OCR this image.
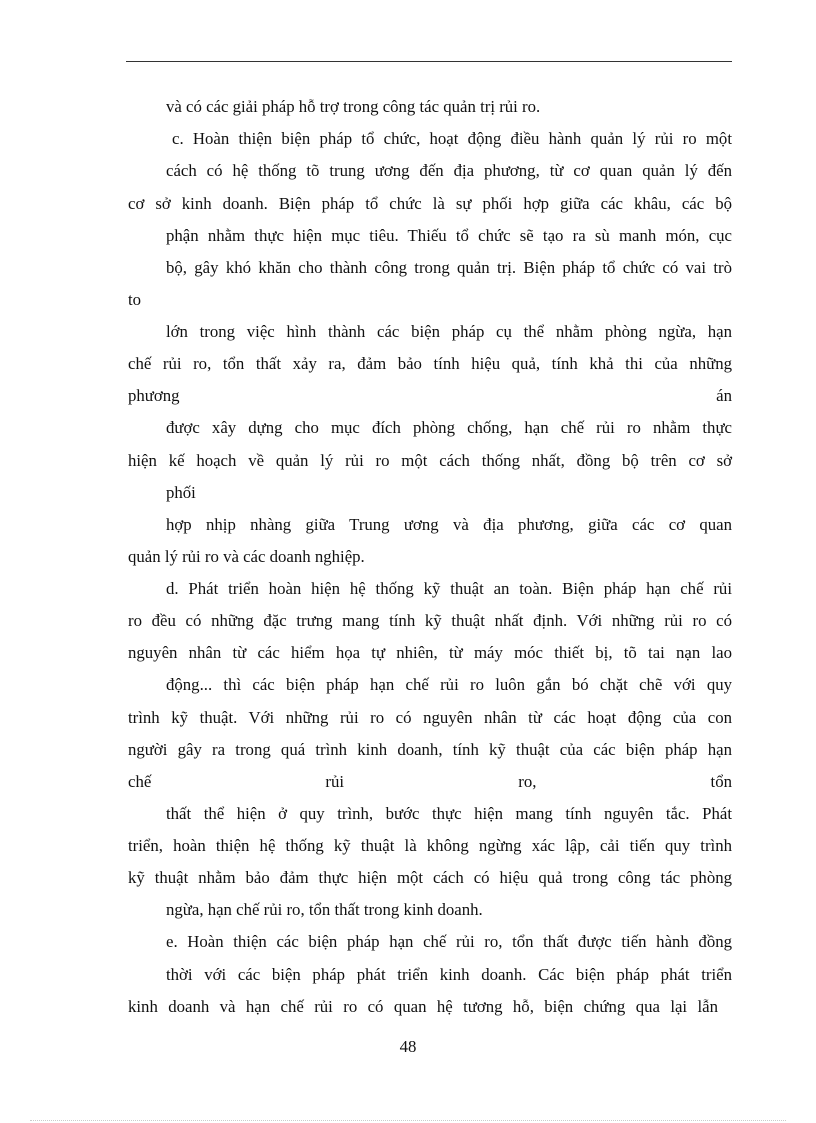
và có các giải pháp hỗ trợ trong công tác quản trị rủi ro.
c. Hoàn thiện biện pháp tổ chức, hoạt động điều hành quản lý rủi ro một
cách có hệ thống tõ trung ương đến địa phương, từ cơ quan quản lý đến
cơ sở kinh doanh. Biện pháp tổ chức là sự phối hợp giữa các khâu, các bộ
phận nhằm thực hiện mục tiêu. Thiếu tổ chức sẽ tạo ra sù manh món, cục
bộ, gây khó khăn cho thành công trong quản trị. Biện pháp tổ chức có vai trò
to
lớn trong việc hình thành các biện pháp cụ thể nhằm phòng ngừa, hạn
chế rủi ro, tổn thất xảy ra, đảm bảo tính hiệu quả, tính khả thi của những
phương án
được xây dựng cho mục đích phòng chống, hạn chế rủi ro nhằm thực
hiện kế hoạch về quản lý rủi ro một cách thống nhất, đồng bộ trên cơ sở
phối
hợp nhịp nhàng giữa Trung ương và địa phương, giữa các cơ quan
quản lý rủi ro và các doanh nghiệp.
d. Phát triển hoàn hiện hệ thống kỹ thuật an toàn. Biện pháp hạn chế rủi
ro đều có những đặc trưng mang tính kỹ thuật nhất định. Với những rủi ro có
nguyên nhân từ các hiểm họa tự nhiên, từ máy móc thiết bị, tõ tai nạn lao
động... thì các biện pháp hạn chế rủi ro luôn gắn bó chặt chẽ với quy
trình kỹ thuật. Với những rủi ro có nguyên nhân từ các hoạt động của con
người gây ra trong quá trình kinh doanh, tính kỹ thuật của các biện pháp hạn
chế rủi ro, tổn
thất thể hiện ở quy trình, bước thực hiện mang tính nguyên tắc. Phát
triển, hoàn thiện hệ thống kỹ thuật là không ngừng xác lập, cải tiến quy trình
kỹ thuật nhằm bảo đảm thực hiện một cách có hiệu quả trong công tác phòng
ngừa, hạn chế rủi ro, tổn thất trong kinh doanh.
e. Hoàn thiện các biện pháp hạn chế rủi ro, tổn thất được tiến hành đồng
thời với các biện pháp phát triển kinh doanh. Các biện pháp phát triển
kinh doanh và hạn chế rủi ro có quan hệ tương hỗ, biện chứng qua lại lẫn
48
